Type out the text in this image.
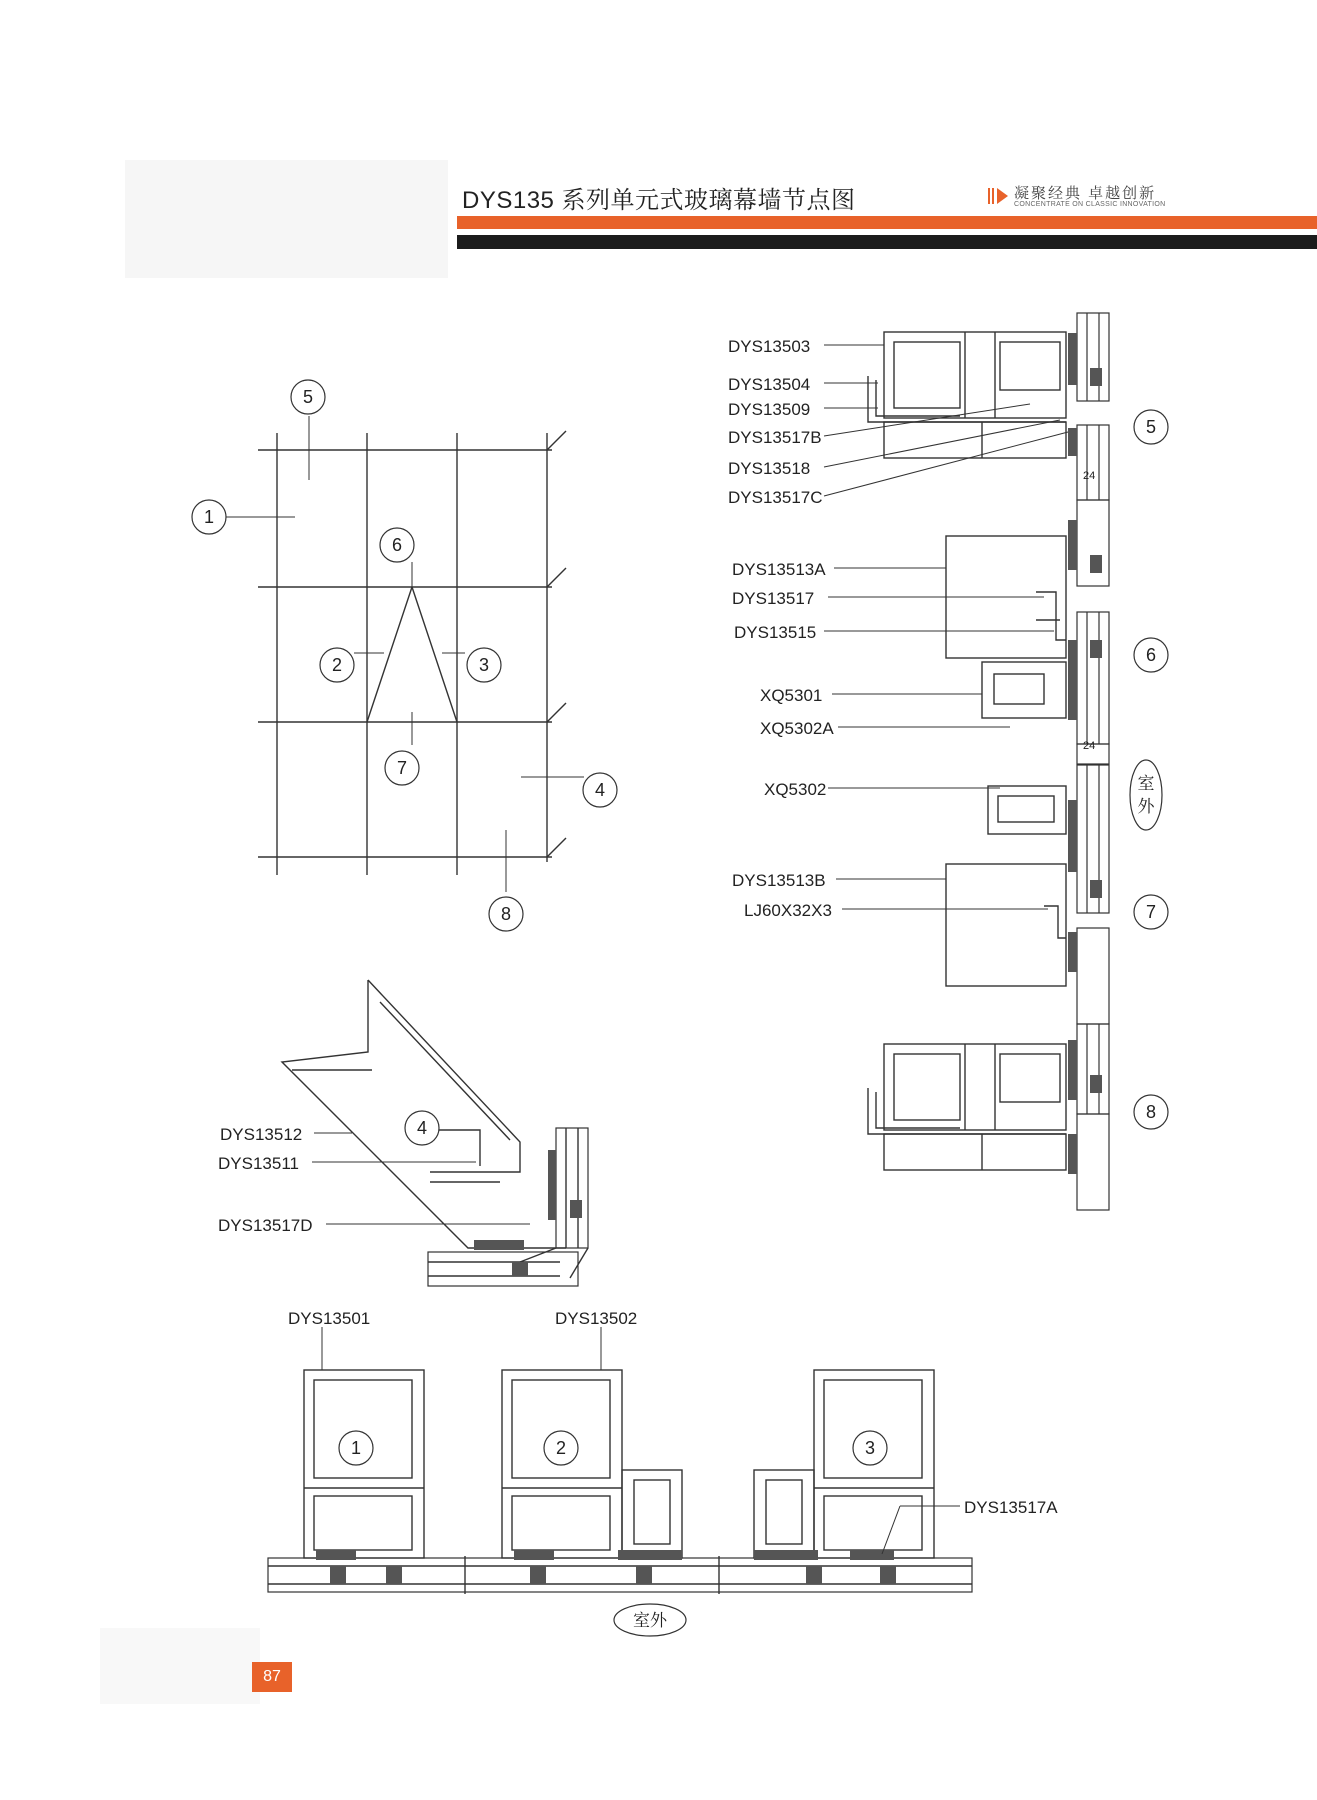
DYS135 系列单元式玻璃幕墙节点图	凝聚经典 卓越创新
CONCENTRATE ON CLASSIC INNOVATION
1
2	3
4
5
6
7
8
DYS13503
DYS13504
DYS13509
DYS13517B
DYS13518
DYS13517C
DYS13513A
DYS13517
DYS13515
XQ5301
XQ5302A
XQ5302
DYS13513B
LJ60X32X3
24
24
5
6
7
8
室
外
4
DYS13512
DYS13511
DYS13517D
1	2	3
DYS13501	DYS13502
DYS13517A
室外
87
